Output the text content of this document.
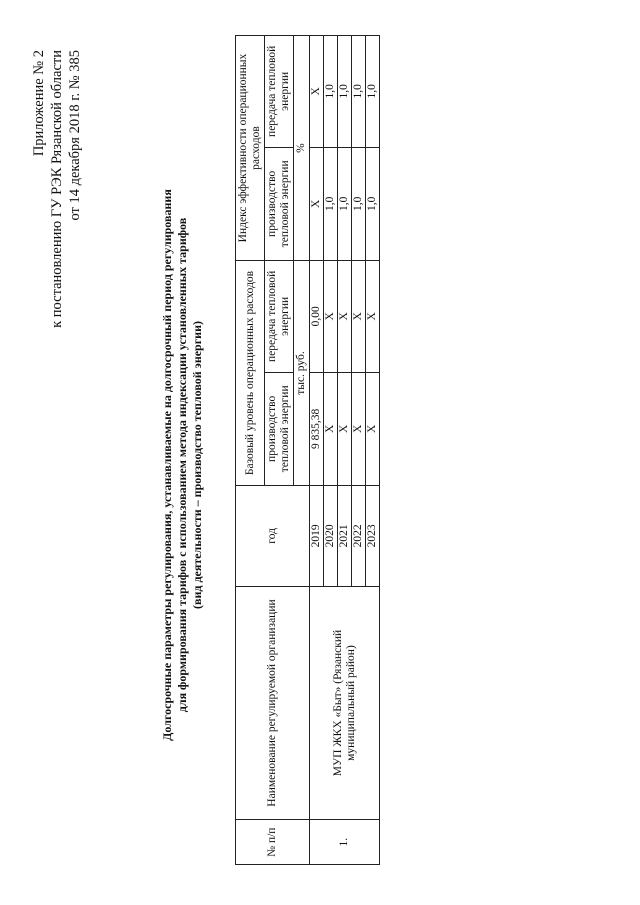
Приложение № 2 к постановлению ГУ РЭК Рязанской области от 14 декабря 2018 г. № 385
Долгосрочные параметры регулирования, устанавливаемые на долгосрочный период регулирования для формирования тарифов с использованием метода индексации установленных тарифов (вид деятельности – производство тепловой энергии)
№ п/п	Наименование регулируемой организации	год	Базовый уровень операционных расходов		Индекс эффективности операционных расходов	
			производство тепловой энергии	передача тепловой энергии	производство тепловой энергии	передача тепловой энергии
			тыс. руб.		%	
1.	МУП ЖКХ «Быт» (Рязанский муниципальный район)	2019	9 835,38	0,00	X	X
		2020	X	X	1,0	1,0
		2021	X	X	1,0	1,0
		2022	X	X	1,0	1,0
		2023	X	X	1,0	1,0
